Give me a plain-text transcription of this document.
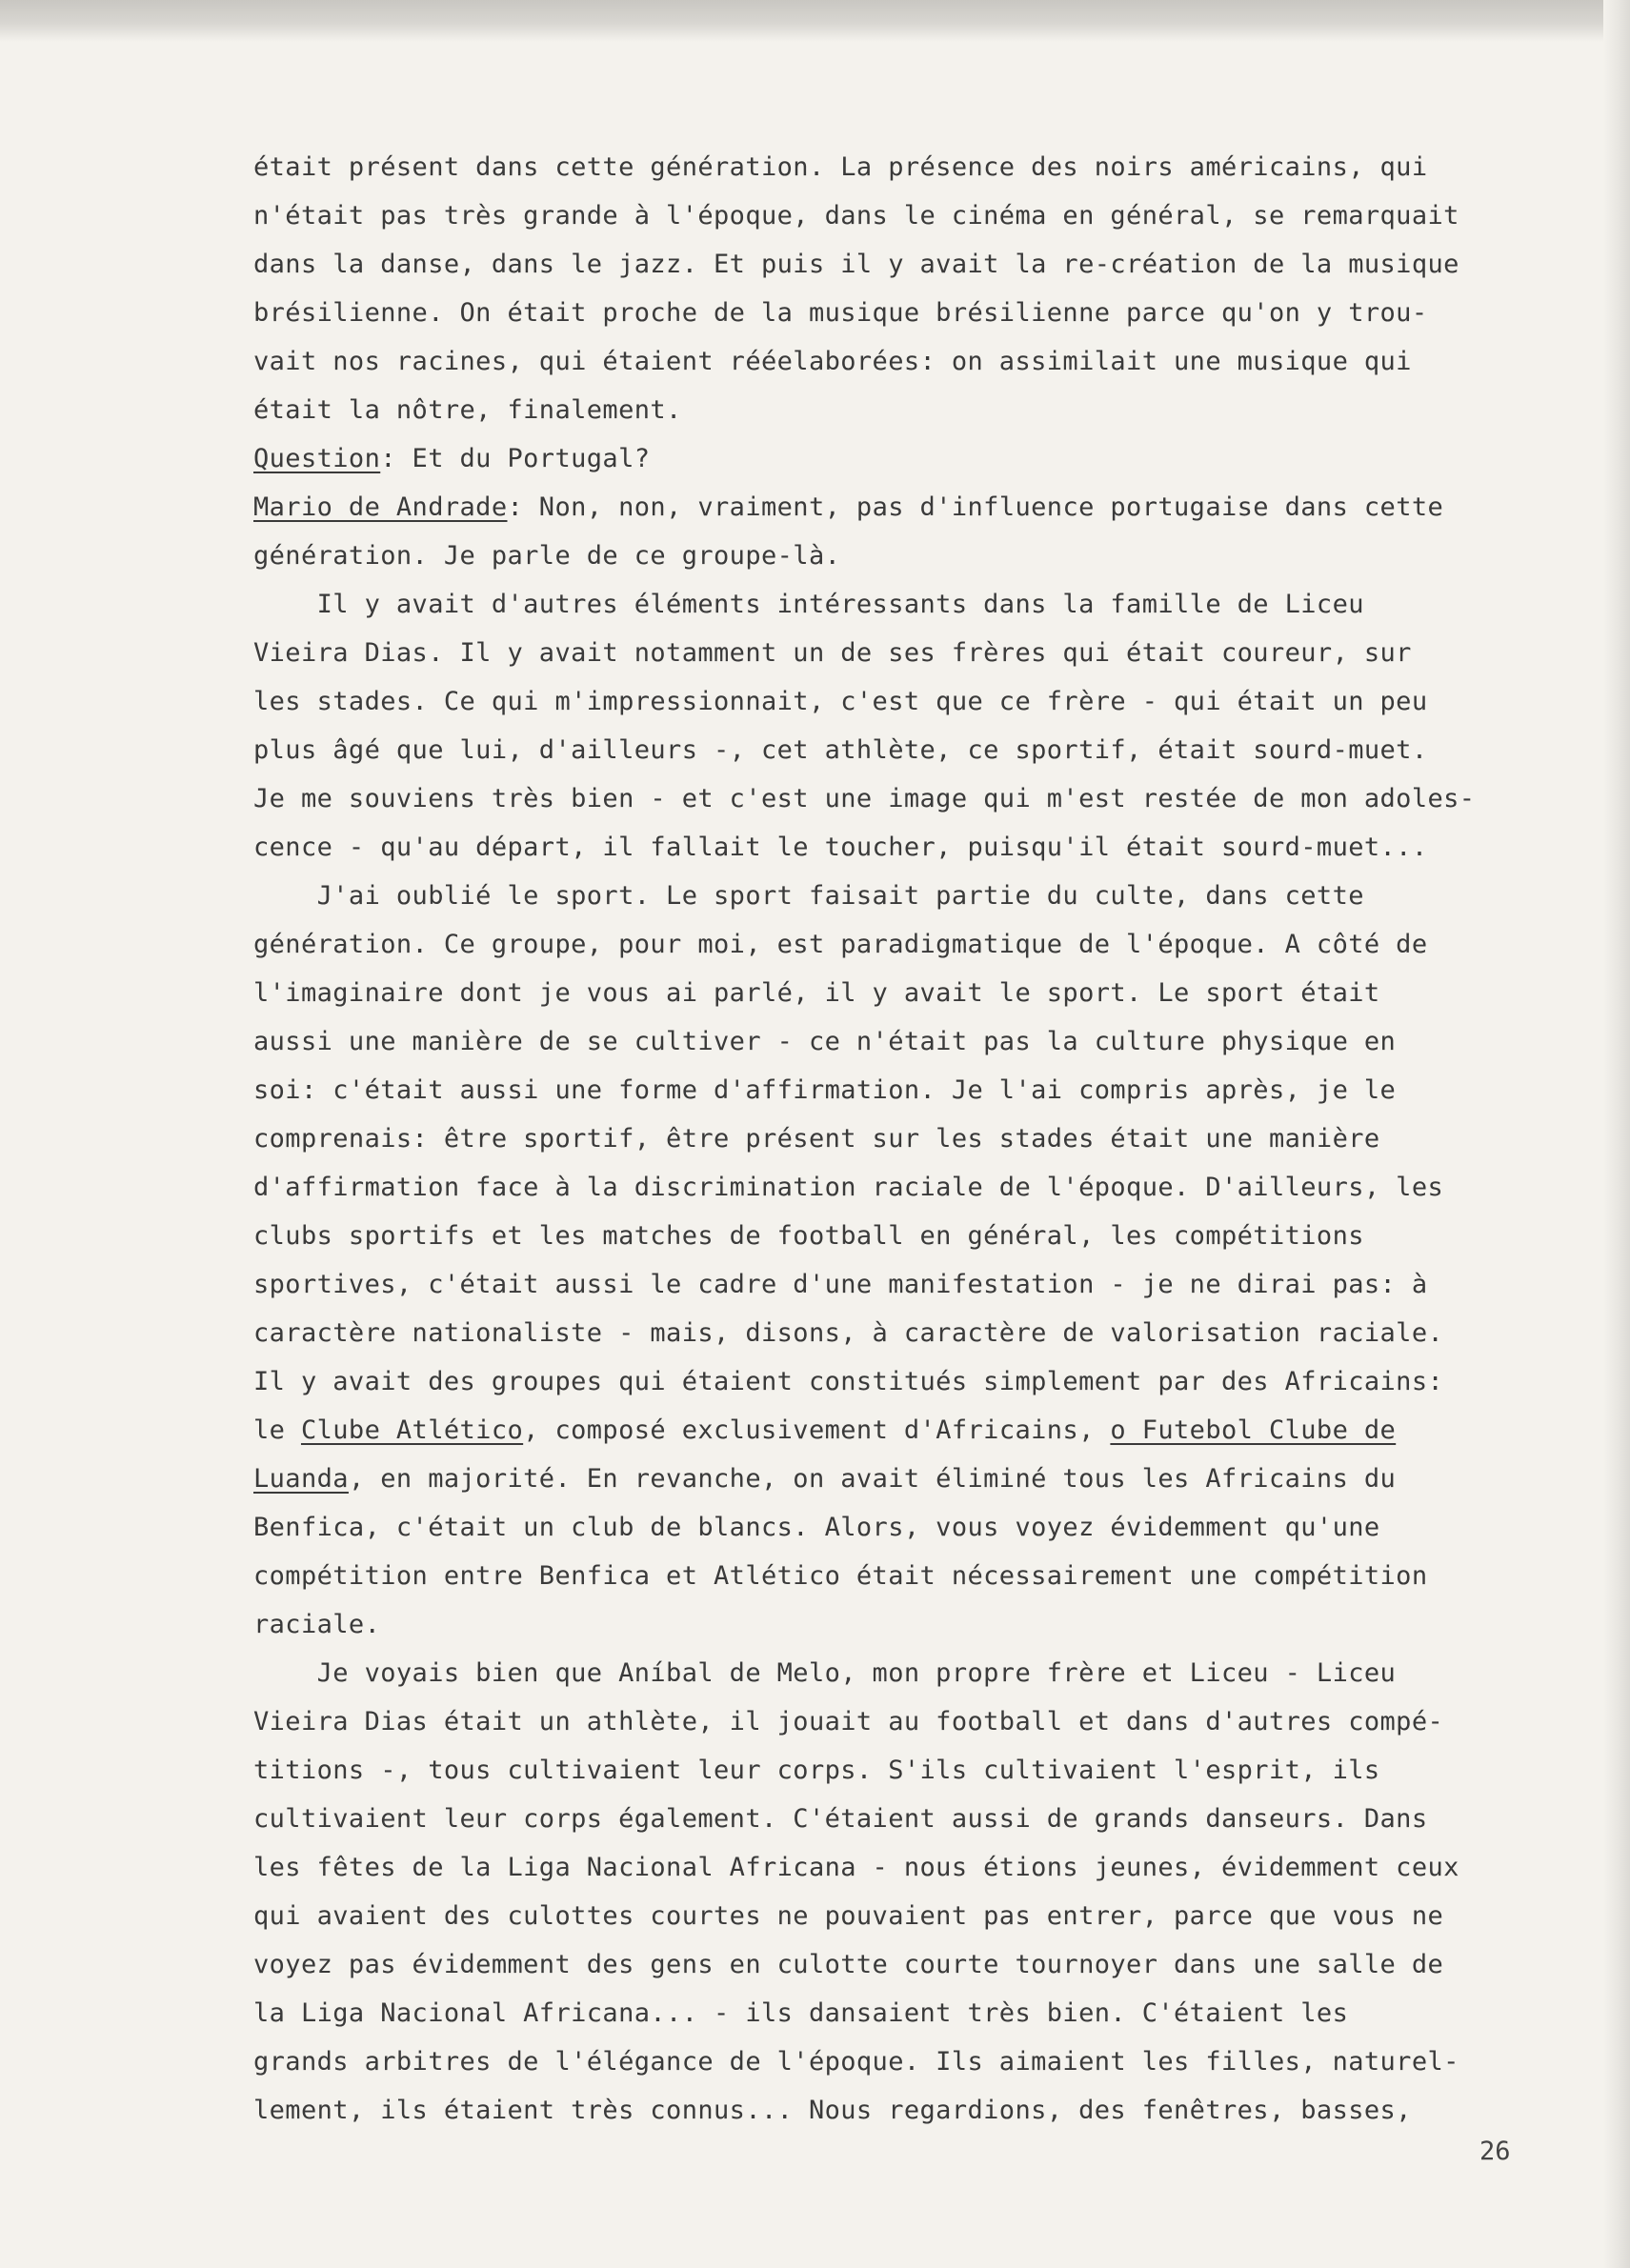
était présent dans cette génération. La présence des noirs américains, qui
n'était pas très grande à l'époque, dans le cinéma en général, se remarquait
dans la danse, dans le jazz. Et puis il y avait la re-création de la musique
brésilienne. On était proche de la musique brésilienne parce qu'on y trou-
vait nos racines, qui étaient rééelaborées: on assimilait une musique qui
était la nôtre, finalement.
Question: Et du Portugal?
Mario de Andrade: Non, non, vraiment, pas d'influence portugaise dans cette
génération. Je parle de ce groupe-là.
Il y avait d'autres éléments intéressants dans la famille de Liceu
Vieira Dias. Il y avait notamment un de ses frères qui était coureur, sur
les stades. Ce qui m'impressionnait, c'est que ce frère - qui était un peu
plus âgé que lui, d'ailleurs -, cet athlète, ce sportif, était sourd-muet.
Je me souviens très bien - et c'est une image qui m'est restée de mon adoles-
cence - qu'au départ, il fallait le toucher, puisqu'il était sourd-muet...
J'ai oublié le sport. Le sport faisait partie du culte, dans cette
génération. Ce groupe, pour moi, est paradigmatique de l'époque. A côté de
l'imaginaire dont je vous ai parlé, il y avait le sport. Le sport était
aussi une manière de se cultiver - ce n'était pas la culture physique en
soi: c'était aussi une forme d'affirmation. Je l'ai compris après, je le
comprenais: être sportif, être présent sur les stades était une manière
d'affirmation face à la discrimination raciale de l'époque. D'ailleurs, les
clubs sportifs et les matches de football en général, les compétitions
sportives, c'était aussi le cadre d'une manifestation - je ne dirai pas: à
caractère nationaliste - mais, disons, à caractère de valorisation raciale.
Il y avait des groupes qui étaient constitués simplement par des Africains:
le Clube Atlético, composé exclusivement d'Africains, o Futebol Clube de
Luanda, en majorité. En revanche, on avait éliminé tous les Africains du
Benfica, c'était un club de blancs. Alors, vous voyez évidemment qu'une
compétition entre Benfica et Atlético était nécessairement une compétition
raciale.
Je voyais bien que Aníbal de Melo, mon propre frère et Liceu - Liceu
Vieira Dias était un athlète, il jouait au football et dans d'autres compé-
titions -, tous cultivaient leur corps. S'ils cultivaient l'esprit, ils
cultivaient leur corps également. C'étaient aussi de grands danseurs. Dans
les fêtes de la Liga Nacional Africana - nous étions jeunes, évidemment ceux
qui avaient des culottes courtes ne pouvaient pas entrer, parce que vous ne
voyez pas évidemment des gens en culotte courte tournoyer dans une salle de
la Liga Nacional Africana... - ils dansaient très bien. C'étaient les
grands arbitres de l'élégance de l'époque. Ils aimaient les filles, naturel-
lement, ils étaient très connus... Nous regardions, des fenêtres, basses,
26
